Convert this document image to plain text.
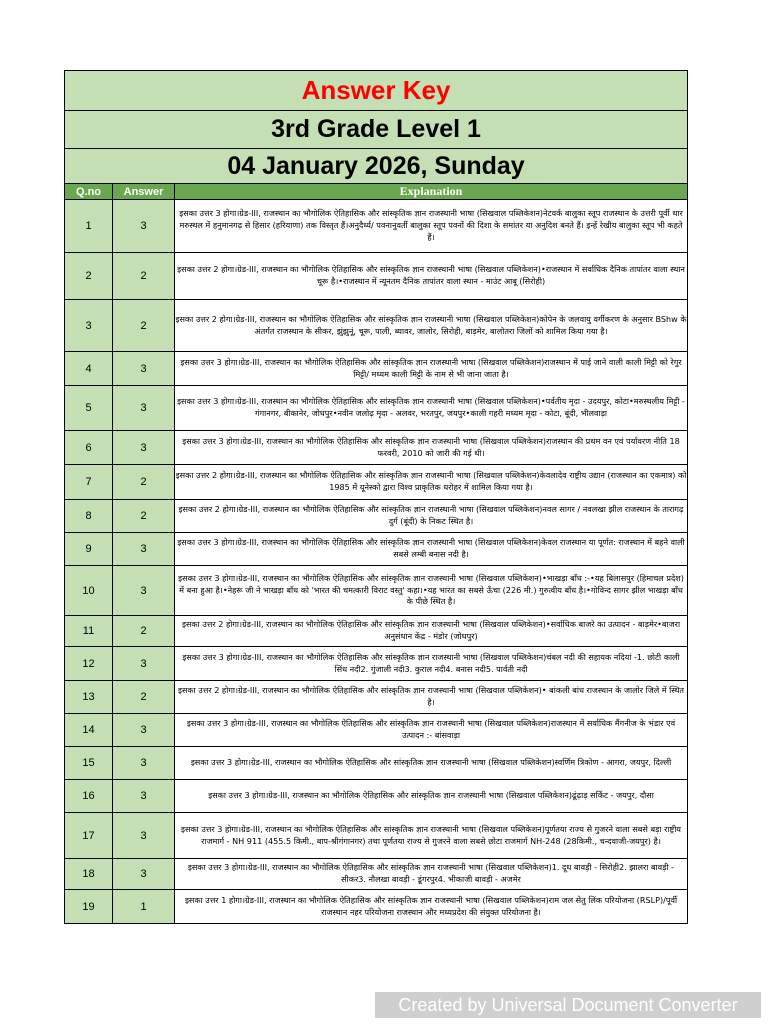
Answer Key		
3rd Grade Level 1		
04 January 2026, Sunday		
Q.no	Answer	Explanation
1	3	इसका उत्तर 3 होगा।ग्रेड-III, राजस्थान का भौगोलिक ऐतिहासिक और सांस्कृतिक ज्ञान राजस्थानी भाषा (सिखवाल पब्लिकेशन)नेटवर्क बालुका स्तूप राजस्थान के उत्तरी पूर्वी थार मरुस्थल में हनुमानगढ़ से हिसार (हरियाणा) तक विस्तृत हैं।अनुदैर्ध्य/ पवनानुवर्ती बालुका स्तूप पवनों की दिशा के समांतर या अनुदिश बनते हैं। इन्हें रेखीय बालुका स्तूप भी कहते हैं।
2	2	इसका उत्तर 2 होगा।ग्रेड-III, राजस्थान का भौगोलिक ऐतिहासिक और सांस्कृतिक ज्ञान राजस्थानी भाषा (सिखवाल पब्लिकेशन)•राजस्थान में सर्वाधिक दैनिक तापांतर वाला स्थान चूरू है।•राजस्थान में न्यूनतम दैनिक तापांतर वाला स्थान - माउंट आबू (सिरोही)
3	2	इसका उत्तर 2 होगा।ग्रेड-III, राजस्थान का भौगोलिक ऐतिहासिक और सांस्कृतिक ज्ञान राजस्थानी भाषा (सिखवाल पब्लिकेशन)कोपेन के जलवायु वर्गीकरण के अनुसार BShw के अंतर्गत राजस्थान के सीकर, झुंझुनूं, चूरू, पाली, ब्यावर, जालोर, सिरोही, बाड़मेर, बालोतरा जिलों को शामिल किया गया है।
4	3	इसका उत्तर 3 होगा।ग्रेड-III, राजस्थान का भौगोलिक ऐतिहासिक और सांस्कृतिक ज्ञान राजस्थानी भाषा (सिखवाल पब्लिकेशन)राजस्थान में पाई जाने वाली काली मिट्टी को रेगुर मिट्टी/ मध्यम काली मिट्टी के नाम से भी जाना जाता है।
5	3	इसका उत्तर 3 होगा।ग्रेड-III, राजस्थान का भौगोलिक ऐतिहासिक और सांस्कृतिक ज्ञान राजस्थानी भाषा (सिखवाल पब्लिकेशन)•पर्वतीय मृदा - उदयपुर, कोटा•मरुस्थलीय मिट्टी - गंगानगर, बीकानेर, जोधपुर•नवीन जलोढ़ मृदा - अलवर, भरतपुर, जयपुर•काली गहरी मध्यम मृदा - कोटा, बूंदी, भीलवाड़ा
6	3	इसका उत्तर 3 होगा।ग्रेड-III, राजस्थान का भौगोलिक ऐतिहासिक और सांस्कृतिक ज्ञान राजस्थानी भाषा (सिखवाल पब्लिकेशन)राजस्थान की प्रथम वन एवं पर्यावरण नीति 18 फरवरी, 2010 को जारी की गई थी।
7	2	इसका उत्तर 2 होगा।ग्रेड-III, राजस्थान का भौगोलिक ऐतिहासिक और सांस्कृतिक ज्ञान राजस्थानी भाषा (सिखवाल पब्लिकेशन)केवलादेव राष्ट्रीय उद्यान (राजस्थान का एकमात्र) को 1985 में यूनेस्को द्वारा विश्व प्राकृतिक धरोहर में शामिल किया गया है।
8	2	इसका उत्तर 2 होगा।ग्रेड-III, राजस्थान का भौगोलिक ऐतिहासिक और सांस्कृतिक ज्ञान राजस्थानी भाषा (सिखवाल पब्लिकेशन)नवल सागर / नवलखा झील राजस्थान के तारागढ़ दुर्ग (बूंदी) के निकट स्थित है।
9	3	इसका उत्तर 3 होगा।ग्रेड-III, राजस्थान का भौगोलिक ऐतिहासिक और सांस्कृतिक ज्ञान राजस्थानी भाषा (सिखवाल पब्लिकेशन)केवल राजस्थान या पूर्णत: राजस्थान में बहने वाली सबसे लम्बी बनास नदी है।
10	3	इसका उत्तर 3 होगा।ग्रेड-III, राजस्थान का भौगोलिक ऐतिहासिक और सांस्कृतिक ज्ञान राजस्थानी भाषा (सिखवाल पब्लिकेशन)•भाखड़ा बाँध :-•यह बिलासपुर (हिमाचल प्रदेश) में बना हुआ है।•नेहरू जी ने भाखड़ा बाँध को 'भारत की चमत्कारी विराट वस्तु' कहा।•यह भारत का सबसे ऊँचा (226 मी.) गुरुत्वीय बाँध है।•गोविन्द सागर झील भाखड़ा बाँध के पीछे स्थित है।
11	2	इसका उत्तर 2 होगा।ग्रेड-III, राजस्थान का भौगोलिक ऐतिहासिक और सांस्कृतिक ज्ञान राजस्थानी भाषा (सिखवाल पब्लिकेशन)•सर्वाधिक बाजरे का उत्पादन - बाड़मेर•बाजरा अनुसंधान केंद्र - मंडोर (जोधपुर)
12	3	इसका उत्तर 3 होगा।ग्रेड-III, राजस्थान का भौगोलिक ऐतिहासिक और सांस्कृतिक ज्ञान राजस्थानी भाषा (सिखवाल पब्लिकेशन)चंबल नदी की सहायक नदियां -1. छोटी काली सिंध नदी2. गुंजाली नदी3. कुराल नदी4. बनास नदी5. पार्वती नदी
13	2	इसका उत्तर 2 होगा।ग्रेड-III, राजस्थान का भौगोलिक ऐतिहासिक और सांस्कृतिक ज्ञान राजस्थानी भाषा (सिखवाल पब्लिकेशन)• बांकली बांध राजस्थान के जालोर जिले में स्थित है।
14	3	इसका उत्तर 3 होगा।ग्रेड-III, राजस्थान का भौगोलिक ऐतिहासिक और सांस्कृतिक ज्ञान राजस्थानी भाषा (सिखवाल पब्लिकेशन)राजस्थान में सर्वाधिक मैंगनीज के भंडार एवं उत्पादन :- बांसवाड़ा
15	3	इसका उत्तर 3 होगा।ग्रेड-III, राजस्थान का भौगोलिक ऐतिहासिक और सांस्कृतिक ज्ञान राजस्थानी भाषा (सिखवाल पब्लिकेशन)स्वर्णिम त्रिकोण - आगरा, जयपुर, दिल्ली
16	3	इसका उत्तर 3 होगा।ग्रेड-III, राजस्थान का भौगोलिक ऐतिहासिक और सांस्कृतिक ज्ञान राजस्थानी भाषा (सिखवाल पब्लिकेशन)ढूंढ़ाड़ सर्किट - जयपुर, दौसा
17	3	इसका उत्तर 3 होगा।ग्रेड-III, राजस्थान का भौगोलिक ऐतिहासिक और सांस्कृतिक ज्ञान राजस्थानी भाषा (सिखवाल पब्लिकेशन)पूर्णतया राज्य से गुजरने वाला सबसे बड़ा राष्ट्रीय राजमार्ग - NH 911 (455.5 किमी., बाप-श्रीगंगानगर) तथा पूर्णतया राज्य से गुजरने वाला सबसे छोटा राजमार्ग NH-248 (28किमी., चन्दवाजी-जयपुर) है।
18	3	इसका उत्तर 3 होगा।ग्रेड-III, राजस्थान का भौगोलिक ऐतिहासिक और सांस्कृतिक ज्ञान राजस्थानी भाषा (सिखवाल पब्लिकेशन)1. दूध बावड़ी - सिरोही2. झालरा बावड़ी - सीकर3. नौलखा बावड़ी - डूंगरपुर4. भीकाजी बावड़ी - अजमेर
19	1	इसका उत्तर 1 होगा।ग्रेड-III, राजस्थान का भौगोलिक ऐतिहासिक और सांस्कृतिक ज्ञान राजस्थानी भाषा (सिखवाल पब्लिकेशन)राम जल सेतु लिंक परियोजना (RSLP)/पूर्वी राजस्थान नहर परियोजना राजस्थान और मध्यप्रदेश की संयुक्त परियोजना है।
Created by Universal Document Converter
